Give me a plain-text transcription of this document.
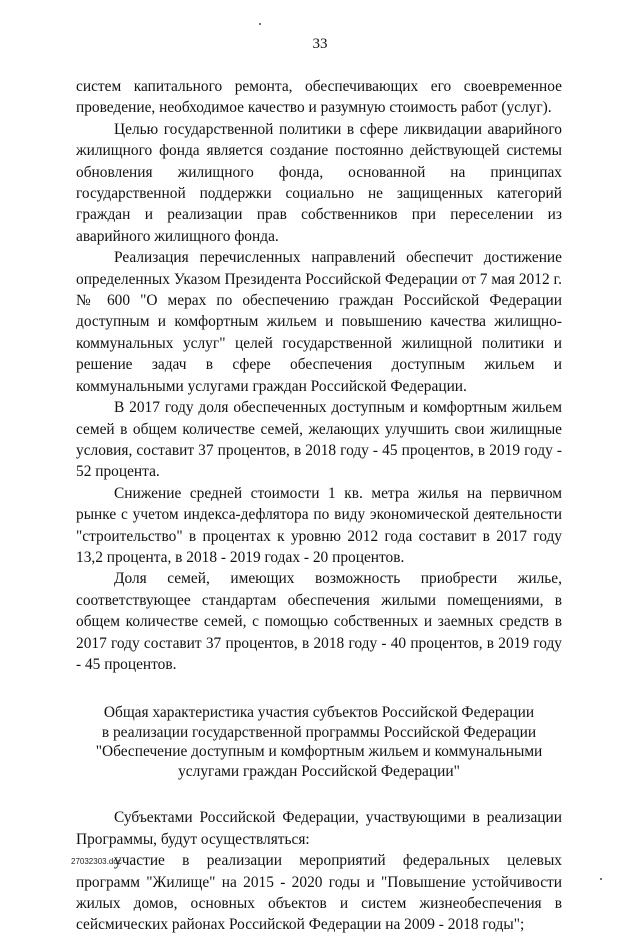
33

систем капитального ремонта, обеспечивающих его своевременное проведение, необходимое качество и разумную стоимость работ (услуг).

Целью государственной политики в сфере ликвидации аварийного жилищного фонда является создание постоянно действующей системы обновления жилищного фонда, основанной на принципах государственной поддержки социально не защищенных категорий граждан и реализации прав собственников при переселении из аварийного жилищного фонда.

Реализация перечисленных направлений обеспечит достижение определенных Указом Президента Российской Федерации от 7 мая 2012 г. № 600 "О мерах по обеспечению граждан Российской Федерации доступным и комфортным жильем и повышению качества жилищно-коммунальных услуг" целей государственной жилищной политики и решение задач в сфере обеспечения доступным жильем и коммунальными услугами граждан Российской Федерации.

В 2017 году доля обеспеченных доступным и комфортным жильем семей в общем количестве семей, желающих улучшить свои жилищные условия, составит 37 процентов, в 2018 году - 45 процентов, в 2019 году - 52 процента.

Снижение средней стоимости 1 кв. метра жилья на первичном рынке с учетом индекса-дефлятора по виду экономической деятельности "строительство" в процентах к уровню 2012 года составит в 2017 году 13,2 процента, в 2018 - 2019 годах - 20 процентов.

Доля семей, имеющих возможность приобрести жилье, соответствующее стандартам обеспечения жилыми помещениями, в общем количестве семей, с помощью собственных и заемных средств в 2017 году составит 37 процентов, в 2018 году - 40 процентов, в 2019 году - 45 процентов.

Общая характеристика участия субъектов Российской Федерации
в реализации государственной программы Российской Федерации
"Обеспечение доступным и комфортным жильем и коммунальными
услугами граждан Российской Федерации"

Субъектами Российской Федерации, участвующими в реализации Программы, будут осуществляться:

участие в реализации мероприятий федеральных целевых программ "Жилище" на 2015 - 2020 годы и "Повышение устойчивости жилых домов, основных объектов и систем жизнеобеспечения в сейсмических районах Российской Федерации на 2009 - 2018 годы";

27032303.doc
